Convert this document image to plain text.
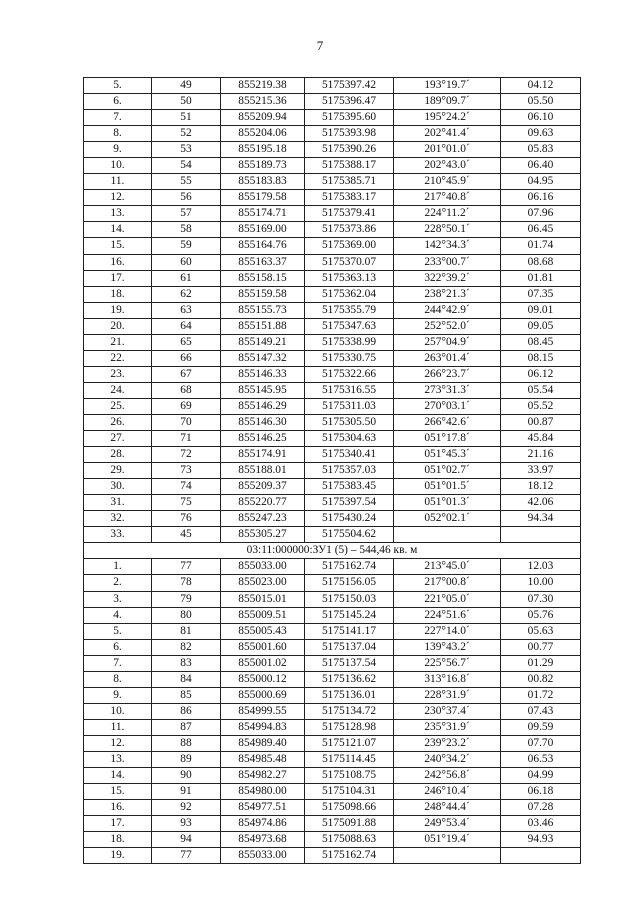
7
5.	49	855219.38	5175397.42	193°19.7´	04.12
6.	50	855215.36	5175396.47	189°09.7´	05.50
7.	51	855209.94	5175395.60	195°24.2´	06.10
8.	52	855204.06	5175393.98	202°41.4´	09.63
9.	53	855195.18	5175390.26	201°01.0´	05.83
10.	54	855189.73	5175388.17	202°43.0´	06.40
11.	55	855183.83	5175385.71	210°45.9´	04.95
12.	56	855179.58	5175383.17	217°40.8´	06.16
13.	57	855174.71	5175379.41	224°11.2´	07.96
14.	58	855169.00	5175373.86	228°50.1´	06.45
15.	59	855164.76	5175369.00	142°34.3´	01.74
16.	60	855163.37	5175370.07	233°00.7´	08.68
17.	61	855158.15	5175363.13	322°39.2´	01.81
18.	62	855159.58	5175362.04	238°21.3´	07.35
19.	63	855155.73	5175355.79	244°42.9´	09.01
20.	64	855151.88	5175347.63	252°52.0´	09.05
21.	65	855149.21	5175338.99	257°04.9´	08.45
22.	66	855147.32	5175330.75	263°01.4´	08.15
23.	67	855146.33	5175322.66	266°23.7´	06.12
24.	68	855145.95	5175316.55	273°31.3´	05.54
25.	69	855146.29	5175311.03	270°03.1´	05.52
26.	70	855146.30	5175305.50	266°42.6´	00.87
27.	71	855146.25	5175304.63	051°17.8´	45.84
28.	72	855174.91	5175340.41	051°45.3´	21.16
29.	73	855188.01	5175357.03	051°02.7´	33.97
30.	74	855209.37	5175383.45	051°01.5´	18.12
31.	75	855220.77	5175397.54	051°01.3´	42.06
32.	76	855247.23	5175430.24	052°02.1´	94.34
33.	45	855305.27	5175504.62		
03:11:000000:ЗУ1 (5) – 544,46 кв. м					
1.	77	855033.00	5175162.74	213°45.0´	12.03
2.	78	855023.00	5175156.05	217°00.8´	10.00
3.	79	855015.01	5175150.03	221°05.0´	07.30
4.	80	855009.51	5175145.24	224°51.6´	05.76
5.	81	855005.43	5175141.17	227°14.0´	05.63
6.	82	855001.60	5175137.04	139°43.2´	00.77
7.	83	855001.02	5175137.54	225°56.7´	01.29
8.	84	855000.12	5175136.62	313°16.8´	00.82
9.	85	855000.69	5175136.01	228°31.9´	01.72
10.	86	854999.55	5175134.72	230°37.4´	07.43
11.	87	854994.83	5175128.98	235°31.9´	09.59
12.	88	854989.40	5175121.07	239°23.2´	07.70
13.	89	854985.48	5175114.45	240°34.2´	06.53
14.	90	854982.27	5175108.75	242°56.8´	04.99
15.	91	854980.00	5175104.31	246°10.4´	06.18
16.	92	854977.51	5175098.66	248°44.4´	07.28
17.	93	854974.86	5175091.88	249°53.4´	03.46
18.	94	854973.68	5175088.63	051°19.4´	94.93
19.	77	855033.00	5175162.74		
